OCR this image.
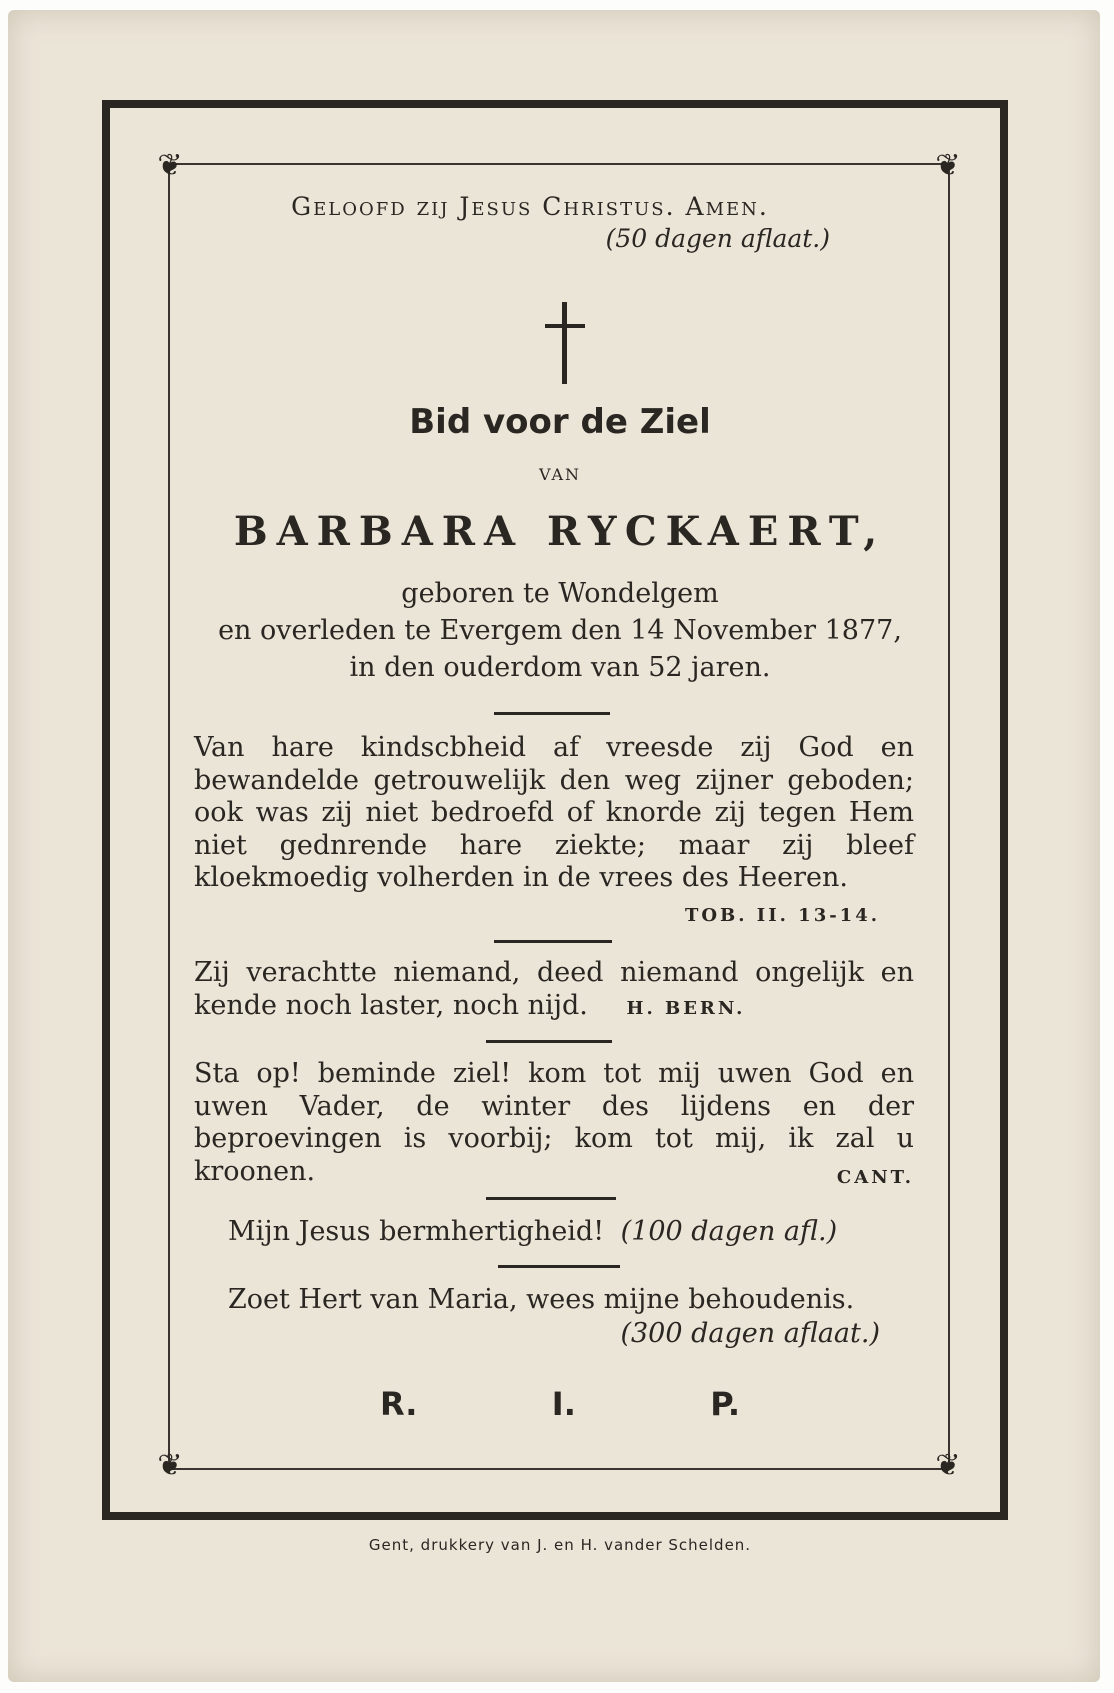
❦	❦
❦	❦
Geloofd zij Jesus Christus. Amen.
(50 dagen aflaat.)
Bid voor de Ziel
VAN
BARBARA RYCKAERT,
geboren te Wondelgem
en overleden te Evergem den 14 November 1877,
in den ouderdom van 52 jaren.
Van hare kindscbheid af vreesde zij God en bewandelde getrouwelijk den weg zijner geboden; ook was zij niet bedroefd of knorde zij tegen Hem niet gednrende hare ziekte; maar zij bleef kloekmoedig volherden in de vrees des Heeren.
TOB. II. 13-14.
Zij verachtte niemand, deed niemand ongelijk en kende noch laster, noch nijd. H. BERN.
Sta op! beminde ziel! kom tot mij uwen God en uwen Vader, de winter des lijdens en der beproevingen is voorbij; kom tot mij, ik zal u kroonen.	CANT.
Mijn Jesus bermhertigheid! (100 dagen afl.)
Zoet Hert van Maria, wees mijne behoudenis.
(300 dagen aflaat.)
R.	I.	P.
Gent, drukkery van J. en H. vander Schelden.
